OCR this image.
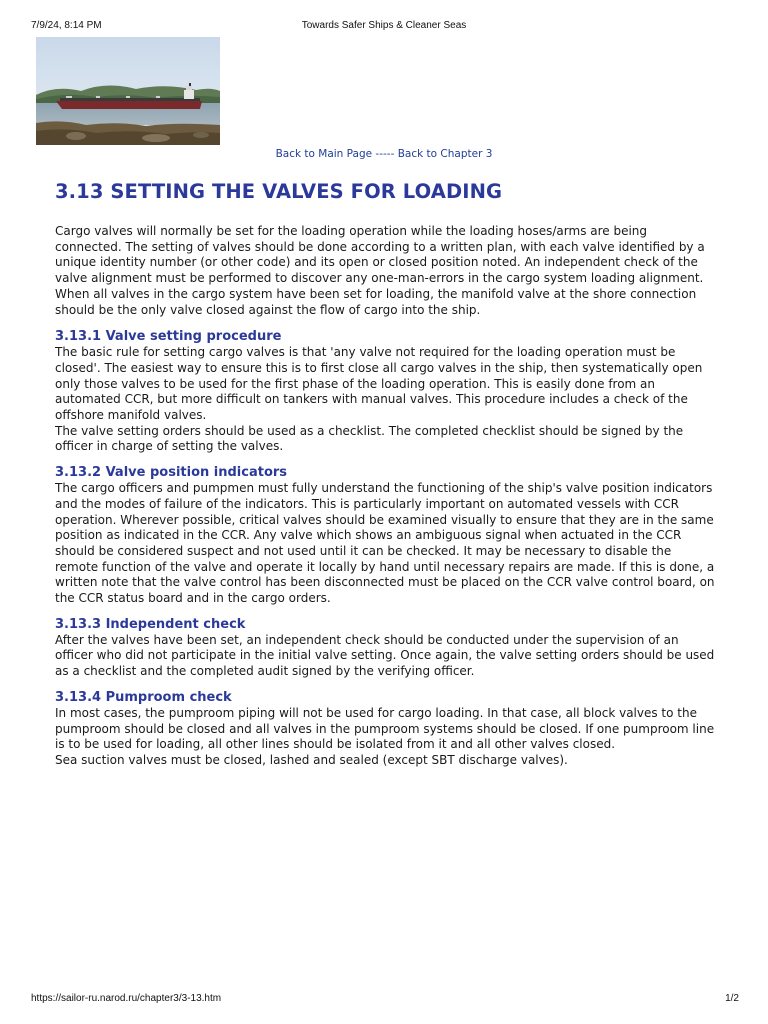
7/9/24, 8:14 PM	Towards Safer Ships & Cleaner Seas
Back to Main Page ----- Back to Chapter 3
3.13 SETTING THE VALVES FOR LOADING

Cargo valves will normally be set for the loading operation while the loading hoses/arms are being connected. The setting of valves should be done according to a written plan, with each valve identified by a unique identity number (or other code) and its open or closed position noted. An independent check of the valve alignment must be performed to discover any one-man-errors in the cargo system loading alignment. When all valves in the cargo system have been set for loading, the manifold valve at the shore connection should be the only valve closed against the flow of cargo into the ship.

3.13.1 Valve setting procedure

The basic rule for setting cargo valves is that 'any valve not required for the loading operation must be closed'. The easiest way to ensure this is to first close all cargo valves in the ship, then systematically open only those valves to be used for the first phase of the loading operation. This is easily done from an automated CCR, but more difficult on tankers with manual valves. This procedure includes a check of the offshore manifold valves.

The valve setting orders should be used as a checklist. The completed checklist should be signed by the officer in charge of setting the valves.

3.13.2 Valve position indicators

The cargo officers and pumpmen must fully understand the functioning of the ship's valve position indicators and the modes of failure of the indicators. This is particularly important on automated vessels with CCR operation. Wherever possible, critical valves should be examined visually to ensure that they are in the same position as indicated in the CCR. Any valve which shows an ambiguous signal when actuated in the CCR should be considered suspect and not used until it can be checked. It may be necessary to disable the remote function of the valve and operate it locally by hand until necessary repairs are made. If this is done, a written note that the valve control has been disconnected must be placed on the CCR valve control board, on the CCR status board and in the cargo orders.

3.13.3 Independent check

After the valves have been set, an independent check should be conducted under the supervision of an officer who did not participate in the initial valve setting. Once again, the valve setting orders should be used as a checklist and the completed audit signed by the verifying officer.

3.13.4 Pumproom check

In most cases, the pumproom piping will not be used for cargo loading. In that case, all block valves to the pumproom should be closed and all valves in the pumproom systems should be closed. If one pumproom line is to be used for loading, all other lines should be isolated from it and all other valves closed.

Sea suction valves must be closed, lashed and sealed (except SBT discharge valves).

https://sailor-ru.narod.ru/chapter3/3-13.htm	1/2
